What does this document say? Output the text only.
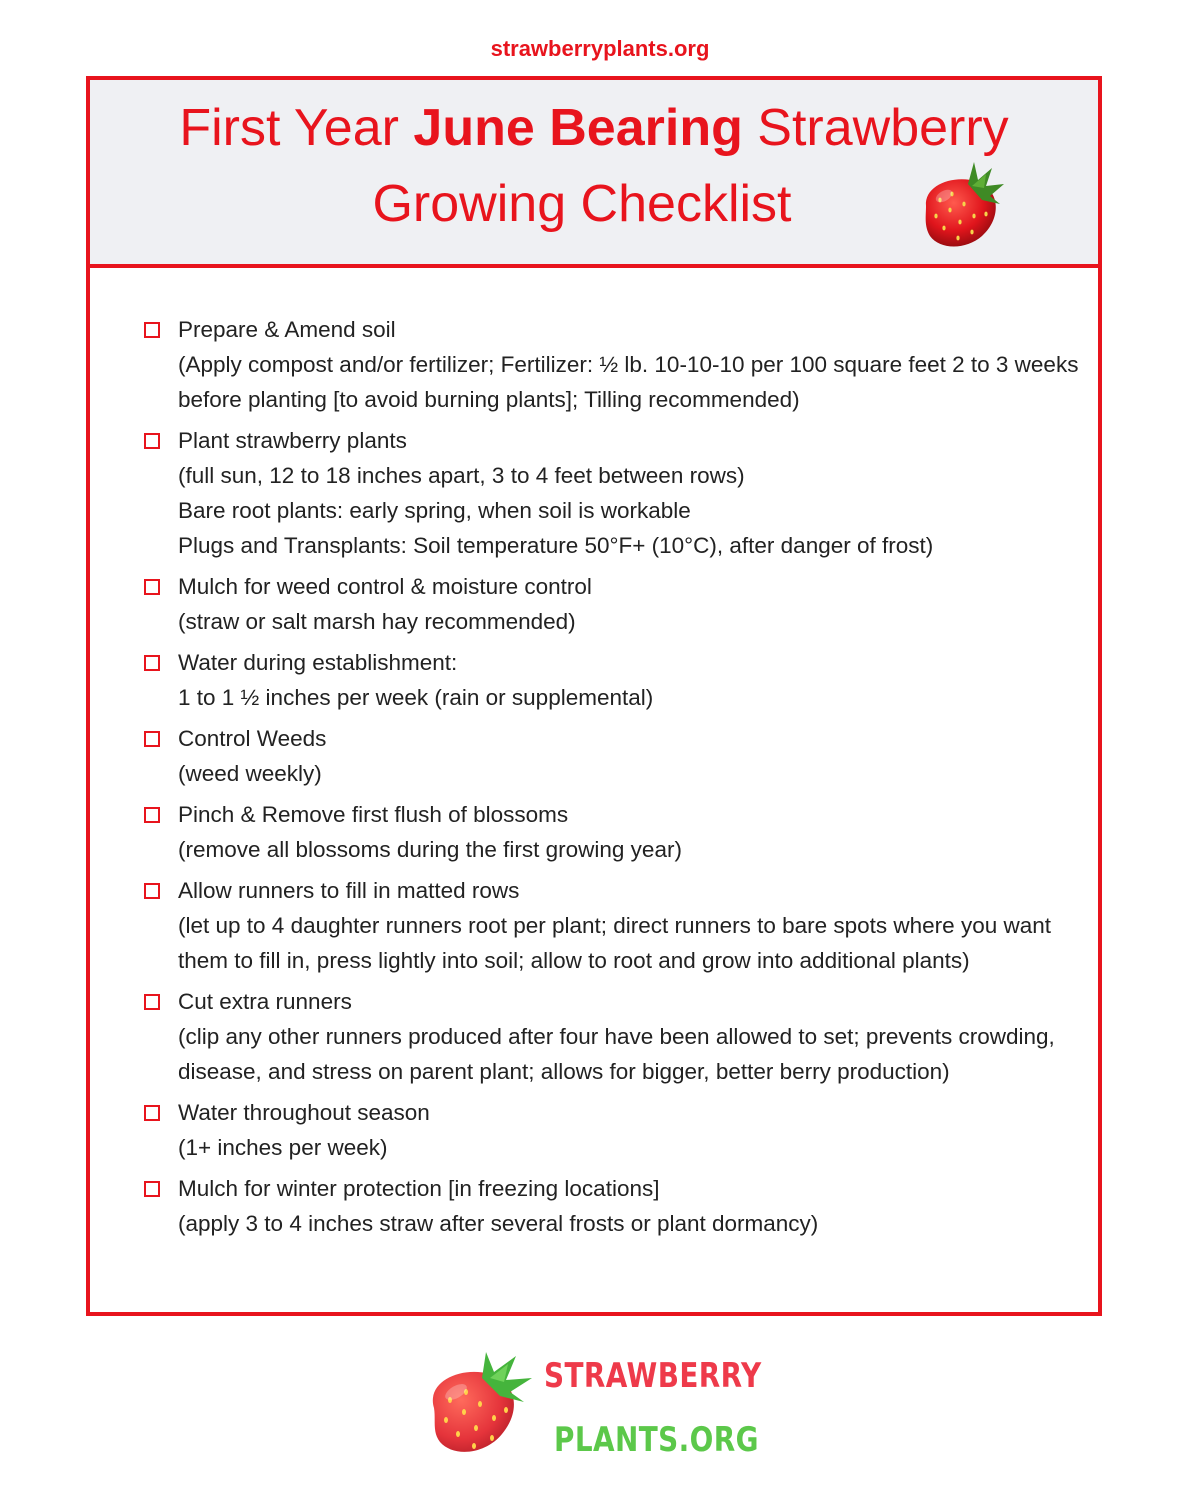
strawberryplants.org
First Year June Bearing Strawberry
Growing Checklist
Prepare & Amend soil
(Apply compost and/or fertilizer; Fertilizer: ½ lb. 10-10-10 per 100 square feet 2 to 3 weeks before planting [to avoid burning plants]; Tilling recommended)
Plant strawberry plants
(full sun, 12 to 18 inches apart, 3 to 4 feet between rows)
Bare root plants: early spring, when soil is workable
Plugs and Transplants: Soil temperature 50°F+ (10°C), after danger of frost)
Mulch for weed control & moisture control
(straw or salt marsh hay recommended)
Water during establishment:
1 to 1 ½ inches per week (rain or supplemental)
Control Weeds
(weed weekly)
Pinch & Remove first flush of blossoms
(remove all blossoms during the first growing year)
Allow runners to fill in matted rows
(let up to 4 daughter runners root per plant; direct runners to bare spots where you want them to fill in, press lightly into soil; allow to root and grow into additional plants)
Cut extra runners
(clip any other runners produced after four have been allowed to set; prevents crowding, disease, and stress on parent plant; allows for bigger, better berry production)
Water throughout season
(1+ inches per week)
Mulch for winter protection [in freezing locations]
(apply 3 to 4 inches straw after several frosts or plant dormancy)
STRAWBERRY
PLANTS.ORG
